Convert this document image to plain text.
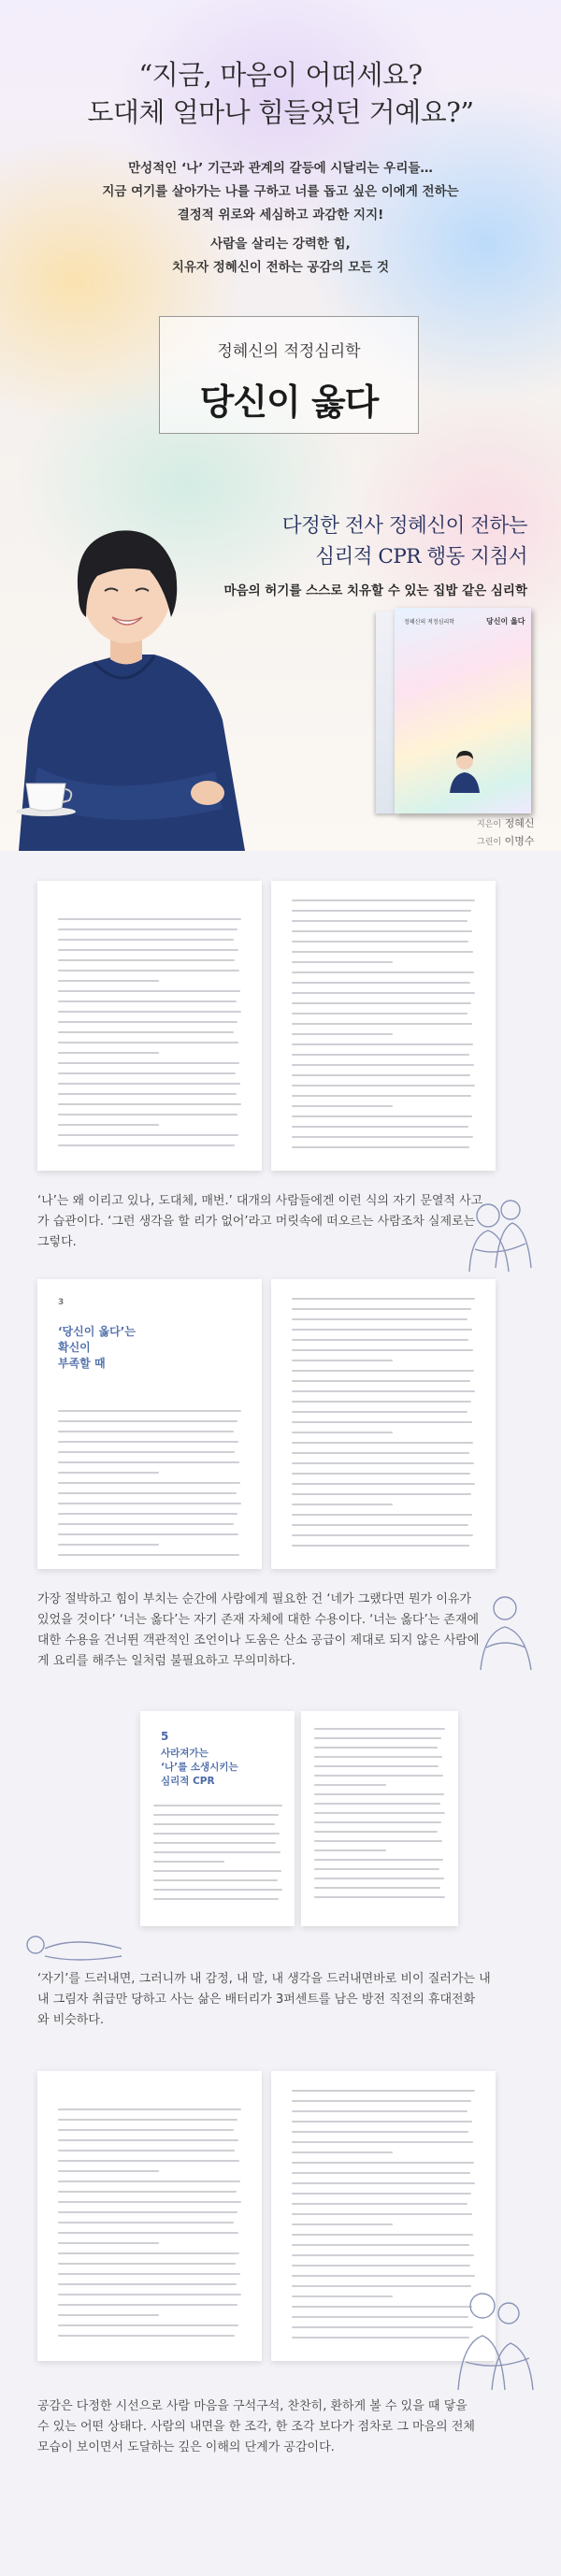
“지금, 마음이 어떠세요?
도대체 얼마나 힘들었던 거예요?”
만성적인 ‘나’ 기근과 관계의 갈등에 시달리는 우리들…
지금 여기를 살아가는 나를 구하고 너를 돕고 싶은 이에게 전하는
결정적 위로와 세심하고 과감한 지지!
사람을 살리는 강력한 힘,
치유자 정혜신이 전하는 공감의 모든 것
정혜신의 적정심리학
당신이 옳다
다정한 전사 정혜신이 전하는
심리적 CPR 행동 지침서
마음의 허기를 스스로 치유할 수 있는 집밥 같은 심리학
정혜신의 적정심리학	당신이 옳다
지은이 정혜신
그린이 이명수
‘나’는 왜 이리고 있나, 도대체, 매번.’ 대개의 사람들에겐 이런 식의 자기 문열적 사고
가 습관이다. ‘그런 생각을 할 리가 없어’라고 머릿속에 떠오르는 사람조차 실제로는
그렇다.
3
‘당신이 옳다’는
확신이
부족할 때
가장 절박하고 힘이 부치는 순간에 사람에게 필요한 건 ‘네가 그랬다면 뭔가 이유가
있었을 것이다’ ‘너는 옳다’는 자기 존재 자체에 대한 수용이다. ‘너는 옳다’는 존재에
대한 수용을 건너뛴 객관적인 조언이나 도움은 산소 공급이 제대로 되지 않은 사람에
게 요리를 해주는 일처럼 불필요하고 무의미하다.
5
사라져가는
‘나’를 소생시키는
심리적 CPR
‘자기’를 드러내면, 그러니까 내 감정, 내 말, 내 생각을 드러내면바로 비이 질러가는 내
내 그림자 취급만 당하고 사는 삶은 배터리가 3퍼센트를 남은 방전 직전의 휴대전화
와 비슷하다.
공감은 다정한 시선으로 사람 마음을 구석구석, 찬찬히, 환하게 볼 수 있을 때 닿을
수 있는 어떤 상태다. 사람의 내면을 한 조각, 한 조각 보다가 점차로 그 마음의 전체
모습이 보이면서 도달하는 깊은 이해의 단계가 공감이다.
